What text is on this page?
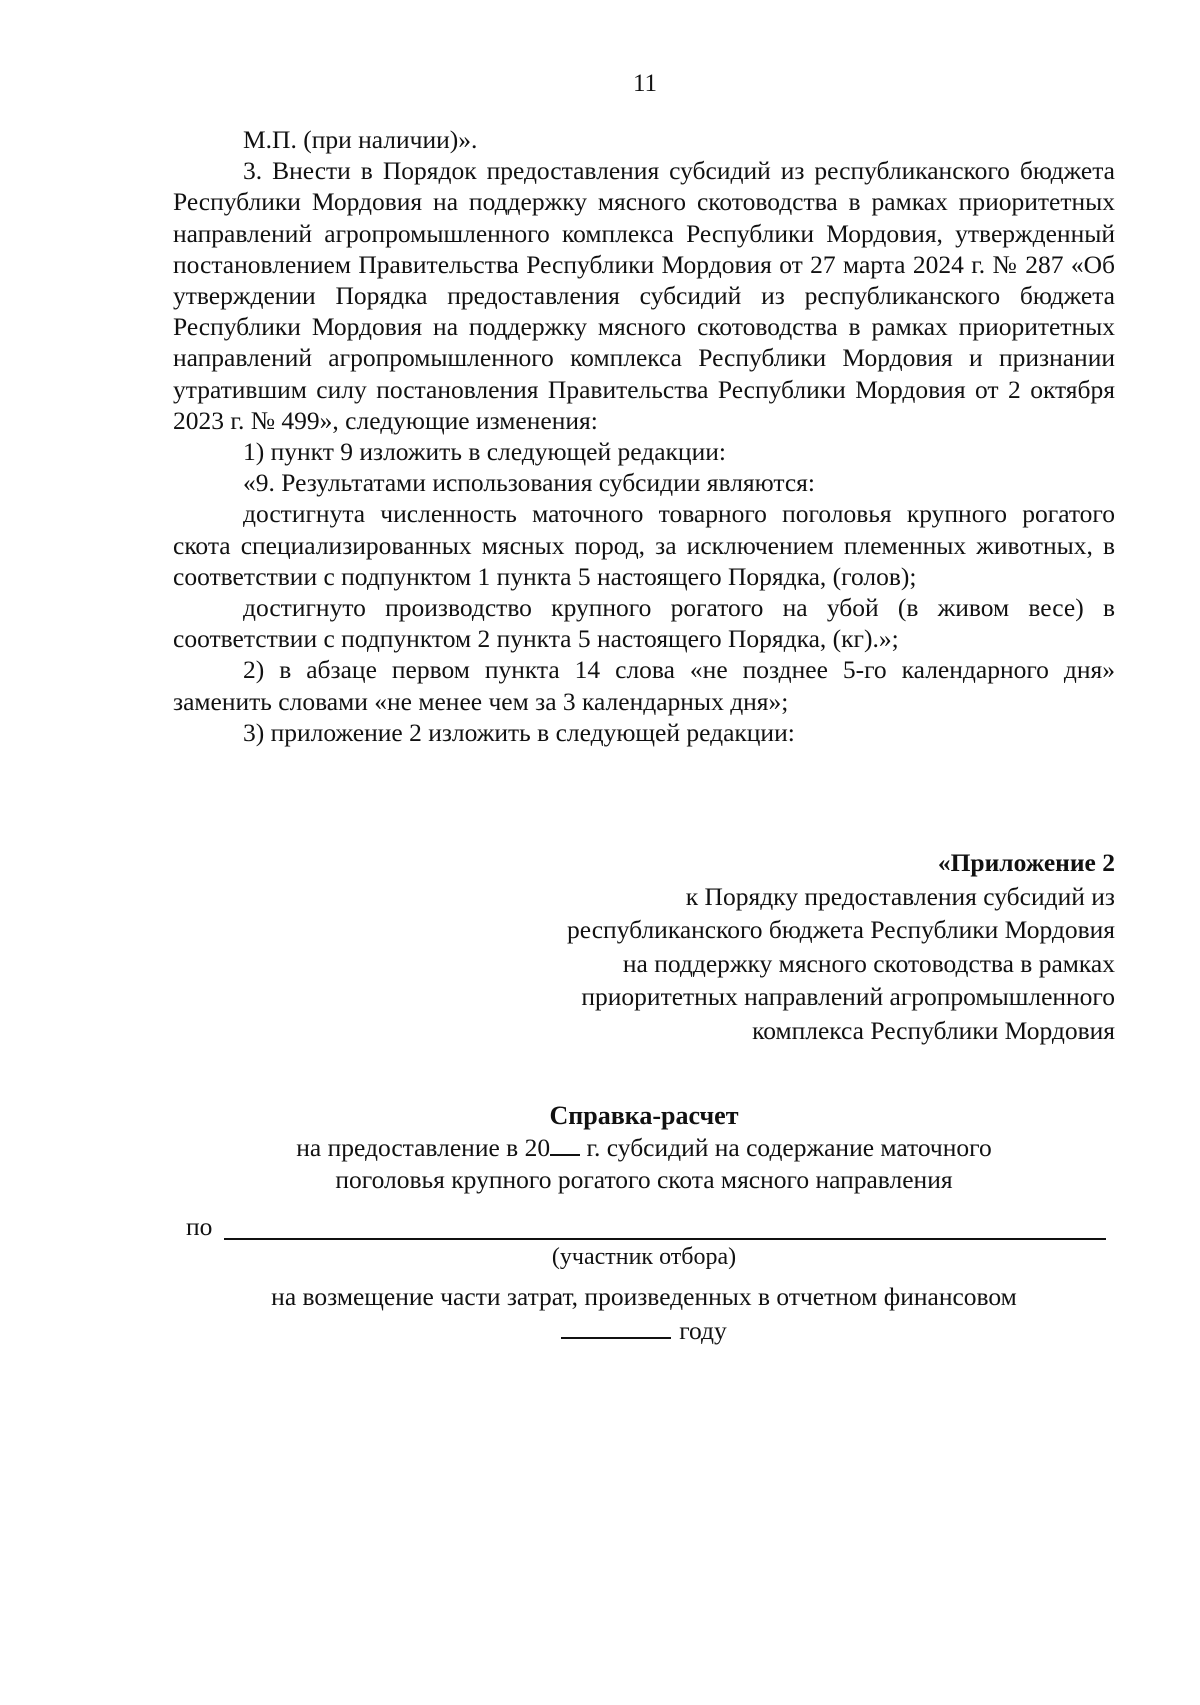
11

М.П. (при наличии)».

3. Внести в Порядок предоставления субсидий из республиканского бюджета Республики Мордовия на поддержку мясного скотоводства в рамках приоритетных направлений агропромышленного комплекса Республики Мордовия, утвержденный постановлением Правительства Республики Мордовия от 27 марта 2024 г. № 287 «Об утверждении Порядка предоставления субсидий из республиканского бюджета Республики Мордовия на поддержку мясного скотоводства в рамках приоритетных направлений агропромышленного комплекса Республики Мордовия и признании утратившим силу постановления Правительства Республики Мордовия от 2 октября 2023 г. № 499», следующие изменения:

1) пункт 9 изложить в следующей редакции:

«9. Результатами использования субсидии являются:

достигнута численность маточного товарного поголовья крупного рогатого скота специализированных мясных пород, за исключением племенных животных, в соответствии с подпунктом 1 пункта 5 настоящего Порядка, (голов);

достигнуто производство крупного рогатого на убой (в живом весе) в соответствии с подпунктом 2 пункта 5 настоящего Порядка, (кг).»;

2) в абзаце первом пункта 14 слова «не позднее 5-го календарного дня» заменить словами «не менее чем за 3 календарных дня»;

3) приложение 2 изложить в следующей редакции:

«Приложение 2
к Порядку предоставления субсидий из
республиканского бюджета Республики Мордовия
на поддержку мясного скотоводства в рамках
приоритетных направлений агропромышленного
комплекса Республики Мордовия
Справка-расчет
на предоставление в 20 г. субсидий на содержание маточного
поголовья крупного рогатого скота мясного направления
по
(участник отбора)
на возмещение части затрат, произведенных в отчетном финансовом
году
